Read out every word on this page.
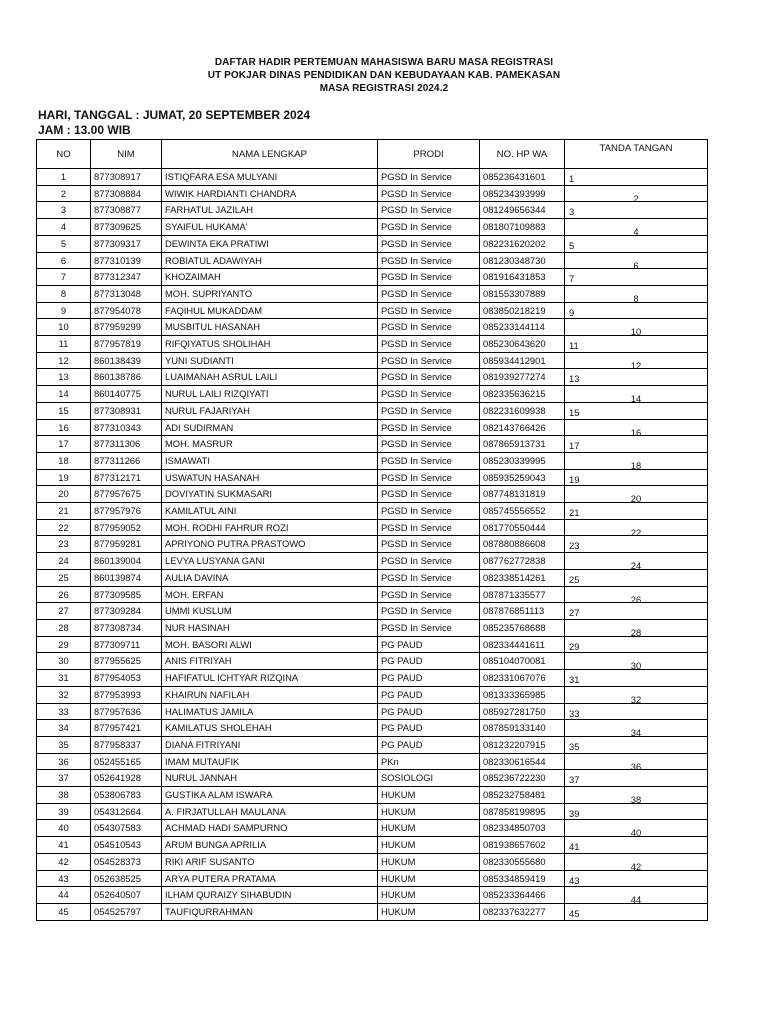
DAFTAR HADIR PERTEMUAN MAHASISWA BARU MASA REGISTRASI
UT POKJAR DINAS PENDIDIKAN DAN KEBUDAYAAN KAB. PAMEKASAN
MASA REGISTRASI 2024.2
HARI, TANGGAL : JUMAT, 20 SEPTEMBER 2024
JAM : 13.00 WIB
NO	NIM	NAMA LENGKAP	PRODI	NO. HP WA	TANDA TANGAN
1	877308917	ISTIQFARA ESA MULYANI	PGSD In Service	085236431601	1

2	877308884	WIWIK HARDIANTI CHANDRA	PGSD In Service	085234393999	2

3	877308877	FARHATUL JAZILAH	PGSD In Service	081249656344	3

4	877309625	SYAIFUL HUKAMA'	PGSD In Service	081807109883	4

5	877309317	DEWINTA EKA PRATIWI	PGSD In Service	082231620202	5

6	877310139	ROBIATUL ADAWIYAH	PGSD In Service	081230348730	6

7	877312347	KHOZAIMAH	PGSD In Service	081916431853	7

8	877313048	MOH. SUPRIYANTO	PGSD In Service	081553307889	8

9	877954078	FAQIHUL MUKADDAM	PGSD In Service	083850218219	9

10	877959299	MUSBITUL HASANAH	PGSD In Service	085233144114	10

11	877957819	RIFQIYATUS SHOLIHAH	PGSD In Service	085230643620	11

12	860138439	YUNI SUDIANTI	PGSD In Service	085934412901	12

13	860138786	LUAIMANAH ASRUL LAILI	PGSD In Service	081939277274	13

14	860140775	NURUL LAILI RIZQIYATI	PGSD In Service	082335636215	14

15	877308931	NURUL FAJARIYAH	PGSD In Service	082231609938	15

16	877310343	ADI SUDIRMAN	PGSD In Service	082143766426	16

17	877311306	MOH. MASRUR	PGSD In Service	087865913731	17

18	877311266	ISMAWATI	PGSD In Service	085230339995	18

19	877312171	USWATUN HASANAH	PGSD In Service	085935259043	19

20	877957675	DOVIYATIN SUKMASARI	PGSD In Service	087748131819	20

21	877957976	KAMILATUL AINI	PGSD In Service	085745556552	21

22	877959052	MOH. RODHI FAHRUR ROZI	PGSD In Service	081770550444	22

23	877959281	APRIYONO PUTRA PRASTOWO	PGSD In Service	087880886608	23

24	860139004	LEVYA LUSYANA GANI	PGSD In Service	087762772838	24

25	860139874	AULIA DAVINA	PGSD In Service	082338514261	25

26	877309585	MOH. ERFAN	PGSD In Service	087871335577	26

27	877309284	UMMI KUSLUM	PGSD In Service	087876851113	27

28	877308734	NUR HASINAH	PGSD In Service	085235768688	28

29	877309711	MOH. BASORI ALWI	PG PAUD	082334441611	29

30	877955625	ANIS FITRIYAH	PG PAUD	085104070081	30

31	877954053	HAFIFATUL ICHTYAR RIZQINA	PG PAUD	082331067076	31

32	877953993	KHAIRUN NAFILAH	PG PAUD	081333365985	32

33	877957636	HALIMATUS JAMILA	PG PAUD	085927281750	33

34	877957421	KAMILATUS SHOLEHAH	PG PAUD	087859133140	34

35	877958337	DIANA FITRIYANI	PG PAUD	081232207915	35

36	052455165	IMAM MUTAUFIK	PKn	082330616544	36

37	052641928	NURUL JANNAH	SOSIOLOGI	085236722230	37

38	053806783	GUSTIKA ALAM ISWARA	HUKUM	085232758481	38

39	054312664	A. FIRJATULLAH MAULANA	HUKUM	087858199895	39

40	054307583	ACHMAD HADI SAMPURNO	HUKUM	082334850703	40

41	054510543	ARUM BUNGA APRILIA	HUKUM	081938657602	41

42	054528373	RIKI ARIF SUSANTO	HUKUM	082330555680	42

43	052638525	ARYA PUTERA PRATAMA	HUKUM	085334859419	43

44	052640507	ILHAM QURAIZY SIHABUDIN	HUKUM	085233364466	44

45	054525797	TAUFIQURRAHMAN	HUKUM	082337632277	45
